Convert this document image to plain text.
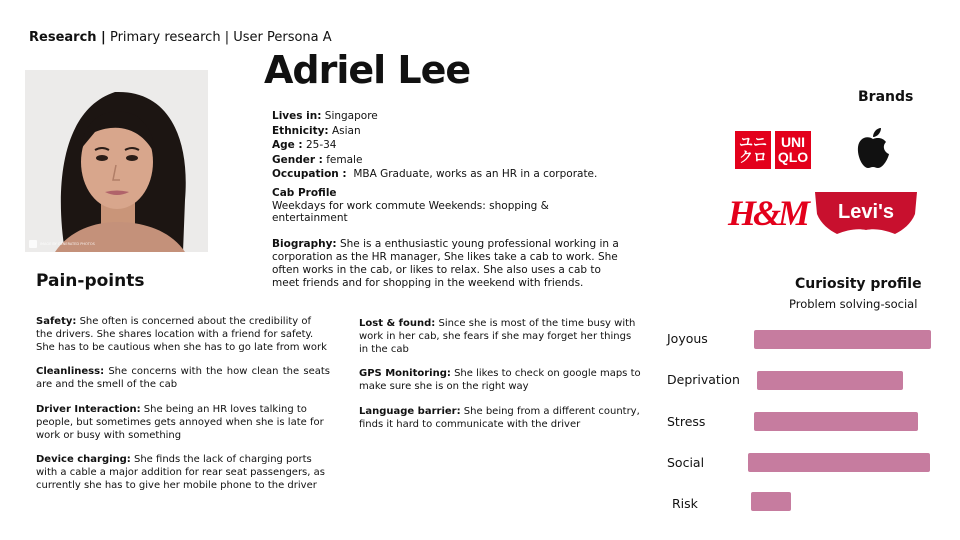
Research | Primary research | User Persona A
IMAGE BY GENERATED PHOTOS
Adriel Lee
Lives in: Singapore
Ethnicity: Asian
Age : 25-34
Gender : female
Occupation : MBA Graduate, works as an HR in a corporate.
Cab Profile
Weekdays for work commute Weekends: shopping & entertainment
Biography: She is a enthusiastic young professional working in a corporation as the HR manager, She likes take a cab to work. She often works in the cab, or likes to relax. She also uses a cab to meet friends and for shopping in the weekend with friends.
Pain-points

Safety: She often is concerned about the credibility of the drivers. She shares location with a friend for safety. She has to be cautious when she has to go late from work

Cleanliness: She concerns with the how clean the seats are and the smell of the cab

Driver Interaction: She being an HR loves talking to people, but sometimes gets annoyed when she is late for work or busy with something

Device charging: She finds the lack of charging ports with a cable a major addition for rear seat passengers, as currently she has to give her mobile phone to the driver

Lost & found: Since she is most of the time busy with work in her cab, she fears if she may forget her things in the cab

GPS Monitoring: She likes to check on google maps to make sure she is on the right way

Language barrier: She being from a different country, finds it hard to communicate with the driver

Brands
ユニ
クロ
UNI
QLO
H&M Levi's
Curiosity profile
Problem solving-social
Joyous
Deprivation
Stress
Social
Risk
